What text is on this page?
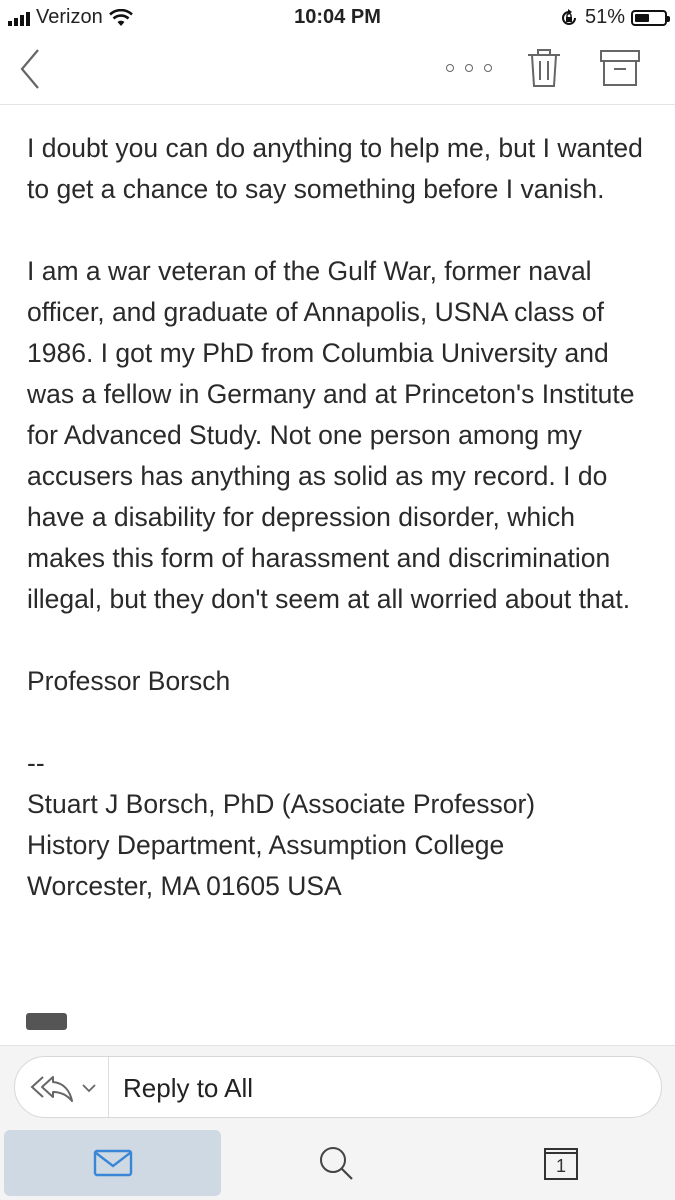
Verizon	10:04 PM	51%

I doubt you can do anything to help me, but I wanted to get a chance to say something before I vanish.

I am a war veteran of the Gulf War, former naval officer, and graduate of Annapolis, USNA class of 1986. I got my PhD from Columbia University and was a fellow in Germany and at Princeton's Institute for Advanced Study. Not one person among my accusers has anything as solid as my record. I do have a disability for depression disorder, which makes this form of harassment and discrimination illegal, but they don't seem at all worried about that.

Professor Borsch

--
Stuart J Borsch, PhD (Associate Professor)
History Department, Assumption College
Worcester, MA 01605 USA
Reply to All
1
